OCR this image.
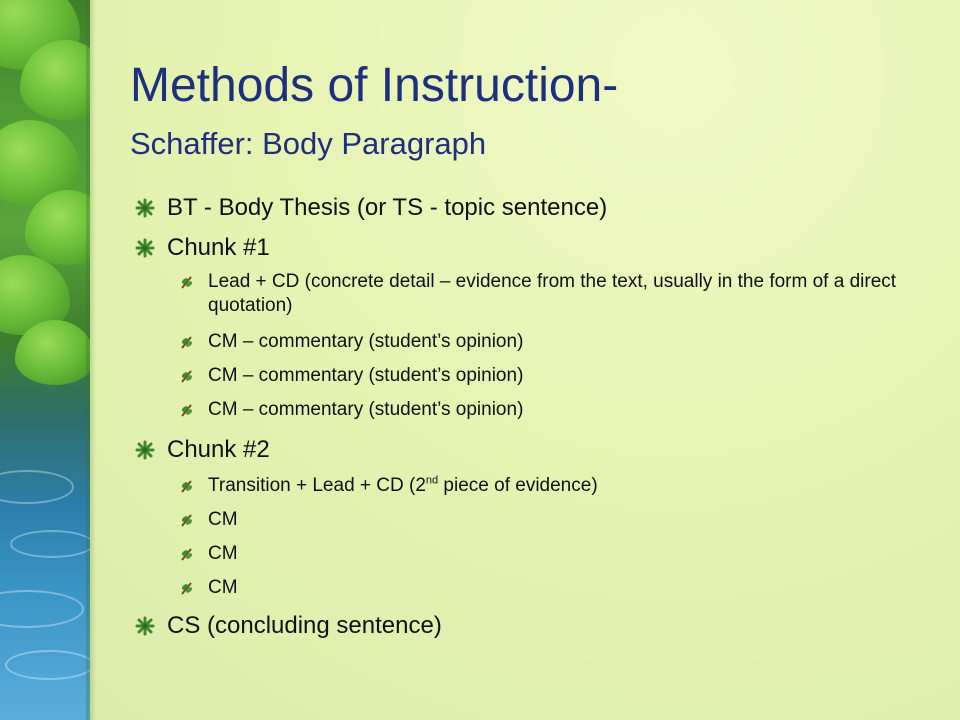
Methods of Instruction-
Schaffer: Body Paragraph
BT - Body Thesis (or TS - topic sentence)
Chunk #1
Lead + CD (concrete detail – evidence from the text, usually in the form of a direct quotation)
CM – commentary (student’s opinion)
CM – commentary (student’s opinion)
CM – commentary (student’s opinion)
Chunk #2
Transition + Lead + CD (2nd piece of evidence)
CM
CM
CM
CS (concluding sentence)
